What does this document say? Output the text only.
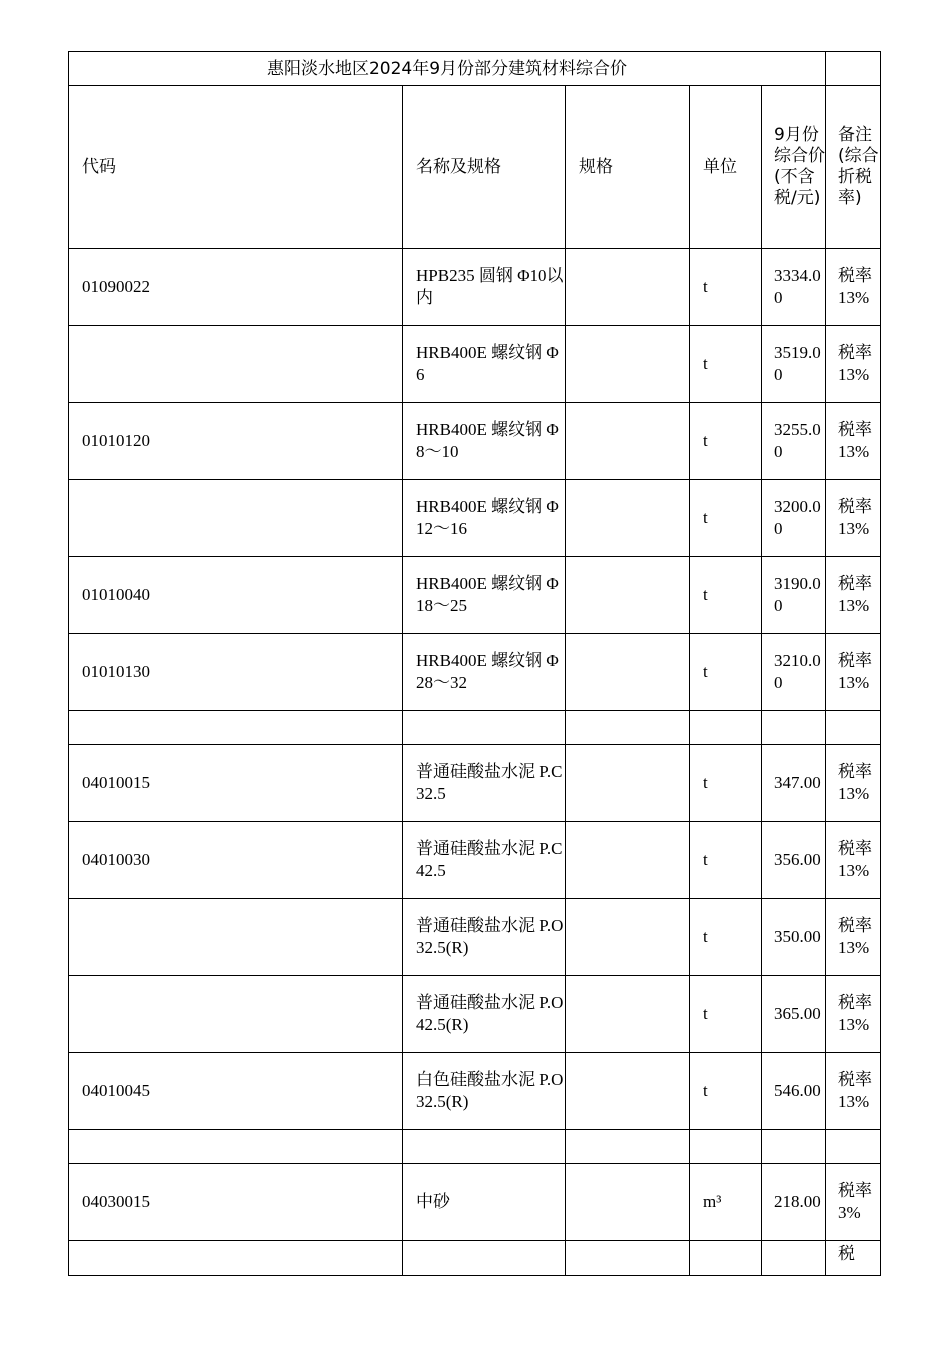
惠阳淡水地区2024年9月份部分建筑材料综合价					
代码	名称及规格	规格	单位	9月份综合价(不含税/元)	备注(综合折税率)
01090022	HPB235 圆钢 Φ10以内		t	3334.00	税率13%
	HRB400E 螺纹钢 Φ6		t	3519.00	税率13%
01010120	HRB400E 螺纹钢 Φ8～10		t	3255.00	税率13%
	HRB400E 螺纹钢 Φ12～16		t	3200.00	税率13%
01010040	HRB400E 螺纹钢 Φ18～25		t	3190.00	税率13%
01010130	HRB400E 螺纹钢 Φ28～32		t	3210.00	税率13%

04010015	普通硅酸盐水泥 P.C 32.5		t	347.00	税率13%
04010030	普通硅酸盐水泥 P.C 42.5		t	356.00	税率13%
	普通硅酸盐水泥 P.O 32.5(R)		t	350.00	税率13%
	普通硅酸盐水泥 P.O 42.5(R)		t	365.00	税率13%
04010045	白色硅酸盐水泥 P.O 32.5(R)		t	546.00	税率13%

04030015	中砂		m³	218.00	税率3%
					税
